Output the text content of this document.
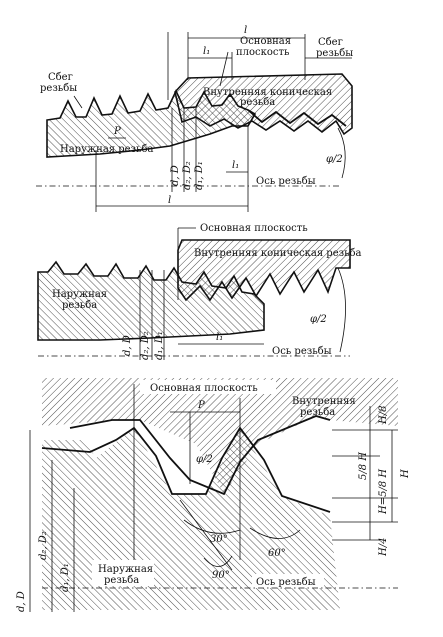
Сбег
резьбы
Сбег
резьбы
Основная
плоскость
Внутренняя коническая
резьба
Наружная резьба
Ось резьбы
l
l₁
P
l₁
φ/2
l
d, D d₂, D₂ d₁, D₁
Основная плоскость
Внутренняя коническая резьба
Наружная
резьба
Ось резьбы
l₁
φ/2
d, D d₂, D₂ d₁, D₁
Основная плоскость
Внутренняя
резьба
Наружная
резьба	Ось резьбы
P
φ/2
30°
60°
90°
H/8
5/8 H
H=5/8 H H
H/4
d, D
d₂, D₂
d₁, D₁
